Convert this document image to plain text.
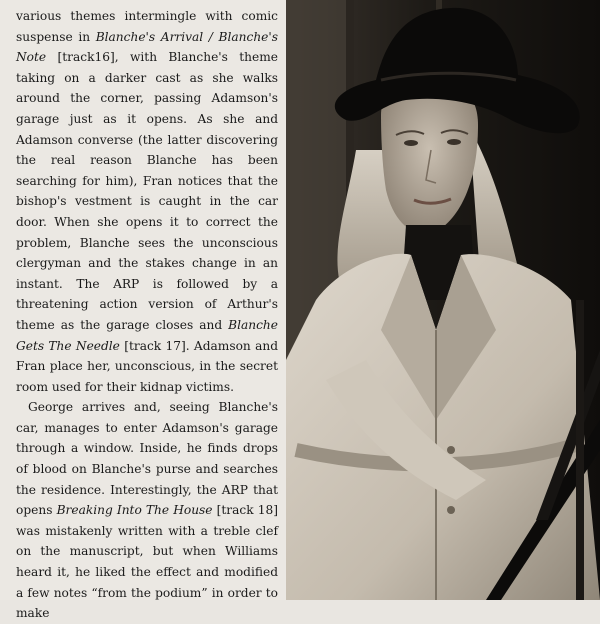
various themes intermingle with comic suspense in Blanche's Arrival / Blanche's Note [track16], with Blanche's theme taking on a darker cast as she walks around the corner, passing Adamson's garage just as it opens. As she and Adamson converse (the latter discovering the real reason Blanche has been searching for him), Fran notices that the bishop's vestment is caught in the car door. When she opens it to correct the problem, Blanche sees the unconscious clergyman and the stakes change in an instant. The ARP is followed by a threatening action version of Arthur's theme as the garage closes and Blanche Gets The Needle [track 17]. Adamson and Fran place her, unconscious, in the secret room used for their kidnap victims.

George arrives and, seeing Blanche's car, manages to enter Adamson's garage through a window. Inside, he finds drops of blood on Blanche's purse and searches the residence. Interestingly, the ARP that opens Breaking Into The House [track 18] was mistakenly written with a treble clef on the manuscript, but when Williams heard it, he liked the effect and modified a few notes “from the podium” in order to make
